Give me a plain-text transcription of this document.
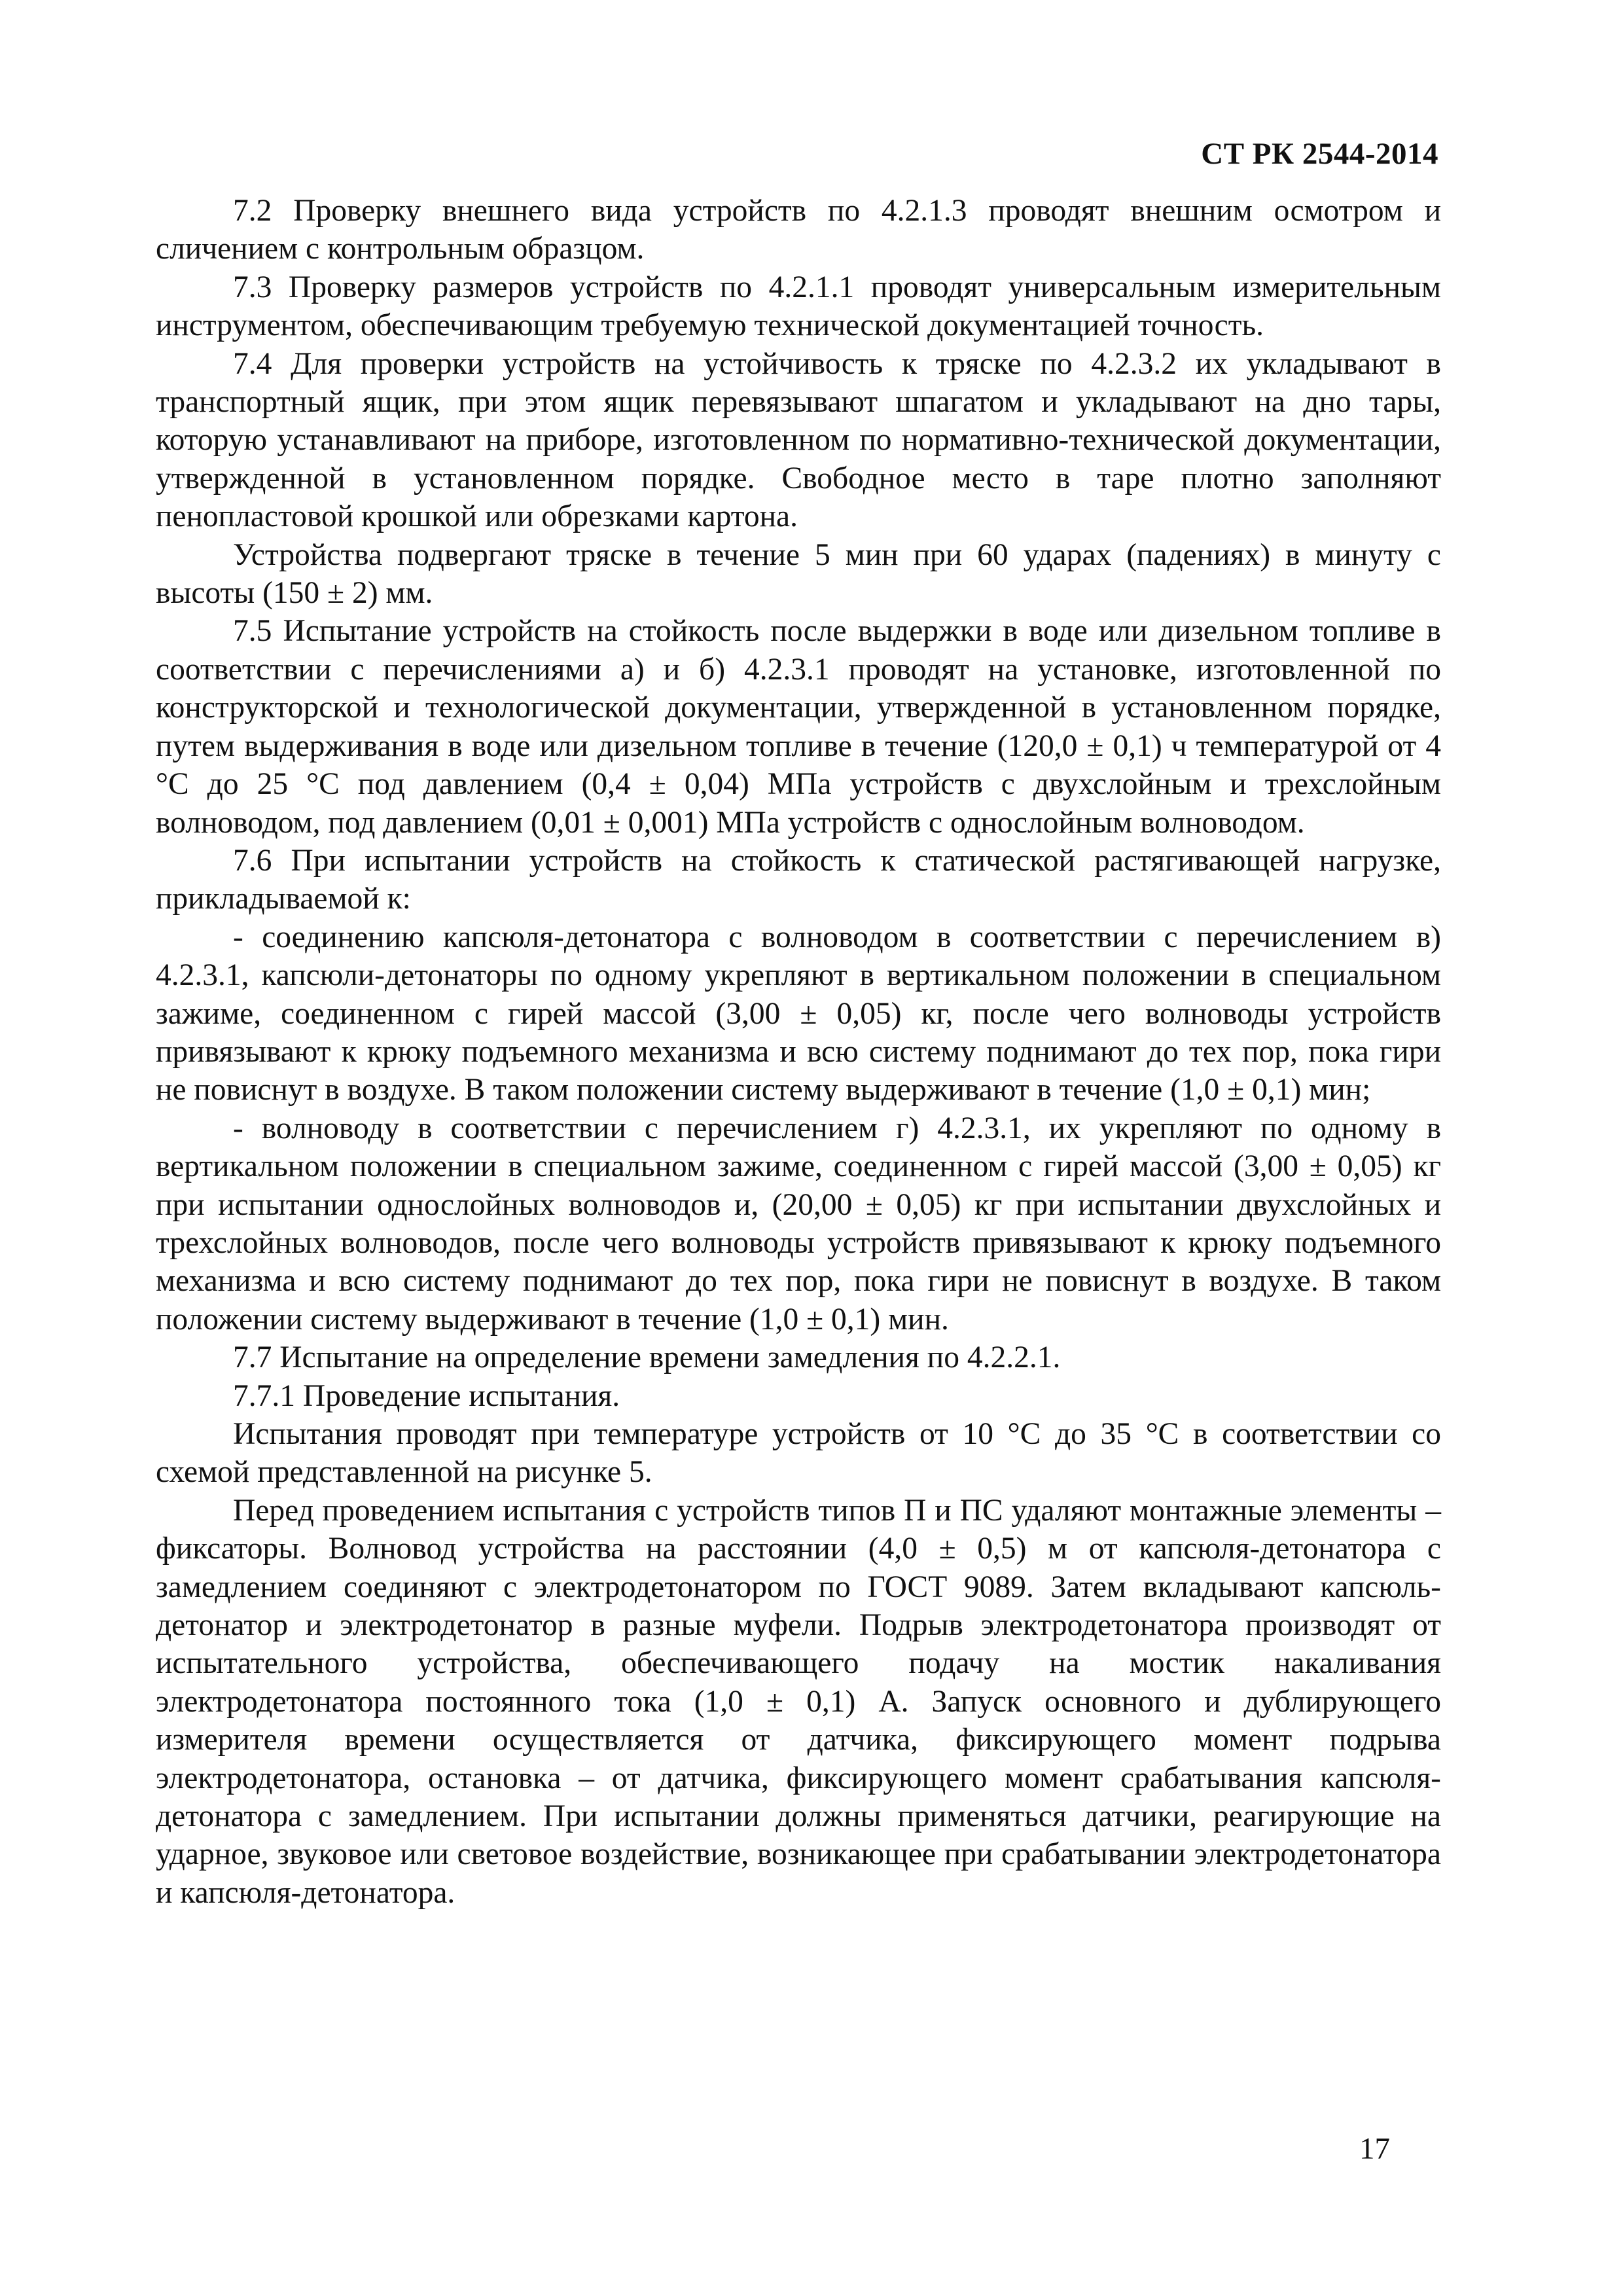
СТ РК 2544-2014

7.2 Проверку внешнего вида устройств по 4.2.1.3 проводят внешним осмотром и сличением с контрольным образцом.

7.3 Проверку размеров устройств по 4.2.1.1 проводят универсальным измерительным инструментом, обеспечивающим требуемую технической документацией точность.

7.4 Для проверки устройств на устойчивость к тряске по 4.2.3.2 их укладывают в транспортный ящик, при этом ящик перевязывают шпагатом и укладывают на дно тары, которую устанавливают на приборе, изготовленном по нормативно-технической документации, утвержденной в установленном порядке. Свободное место в таре плотно заполняют пенопластовой крошкой или обрезками картона.

Устройства подвергают тряске в течение 5 мин при 60 ударах (падениях) в минуту с высоты (150 ± 2) мм.

7.5 Испытание устройств на стойкость после выдержки в воде или дизельном топливе в соответствии с перечислениями а) и б) 4.2.3.1 проводят на установке, изготовленной по конструкторской и технологической документации, утвержденной в установленном порядке, путем выдерживания в воде или дизельном топливе в течение (120,0 ± 0,1) ч температурой от 4 °С до 25 °С под давлением (0,4 ± 0,04) МПа устройств с двухслойным и трехслойным волноводом, под давлением (0,01 ± 0,001) МПа устройств с однослойным волноводом.

7.6 При испытании устройств на стойкость к статической растягивающей нагрузке, прикладываемой к:

- соединению капсюля-детонатора с волноводом в соответствии с перечислением в) 4.2.3.1, капсюли-детонаторы по одному укрепляют в вертикальном положении в специальном зажиме, соединенном с гирей массой (3,00 ± 0,05) кг, после чего волноводы устройств привязывают к крюку подъемного механизма и всю систему поднимают до тех пор, пока гири не повиснут в воздухе. В таком положении систему выдерживают в течение (1,0 ± 0,1) мин;

- волноводу в соответствии с перечислением г) 4.2.3.1, их укрепляют по одному в вертикальном положении в специальном зажиме, соединенном с гирей массой (3,00 ± 0,05) кг при испытании однослойных волноводов и, (20,00 ± 0,05) кг при испытании двухслойных и трехслойных волноводов, после чего волноводы устройств привязывают к крюку подъемного механизма и всю систему поднимают до тех пор, пока гири не повиснут в воздухе. В таком положении систему выдерживают в течение (1,0 ± 0,1) мин.

7.7 Испытание на определение времени замедления по 4.2.2.1.

7.7.1 Проведение испытания.

Испытания проводят при температуре устройств от 10 °С до 35 °С в соответствии со схемой представленной на рисунке 5.

Перед проведением испытания с устройств типов П и ПС удаляют монтажные элементы – фиксаторы. Волновод устройства на расстоянии (4,0 ± 0,5) м от капсюля-детонатора с замедлением соединяют с электродетонатором по ГОСТ 9089. Затем вкладывают капсюль-детонатор и электродетонатор в разные муфели. Подрыв электродетонатора производят от испытательного устройства, обеспечивающего подачу на мостик накаливания электродетонатора постоянного тока (1,0 ± 0,1) А. Запуск основного и дублирующего измерителя времени осуществляется от датчика, фиксирующего момент подрыва электродетонатора, остановка – от датчика, фиксирующего момент срабатывания капсюля-детонатора с замедлением. При испытании должны применяться датчики, реагирующие на ударное, звуковое или световое воздействие, возникающее при срабатывании электродетонатора и капсюля-детонатора.

17
